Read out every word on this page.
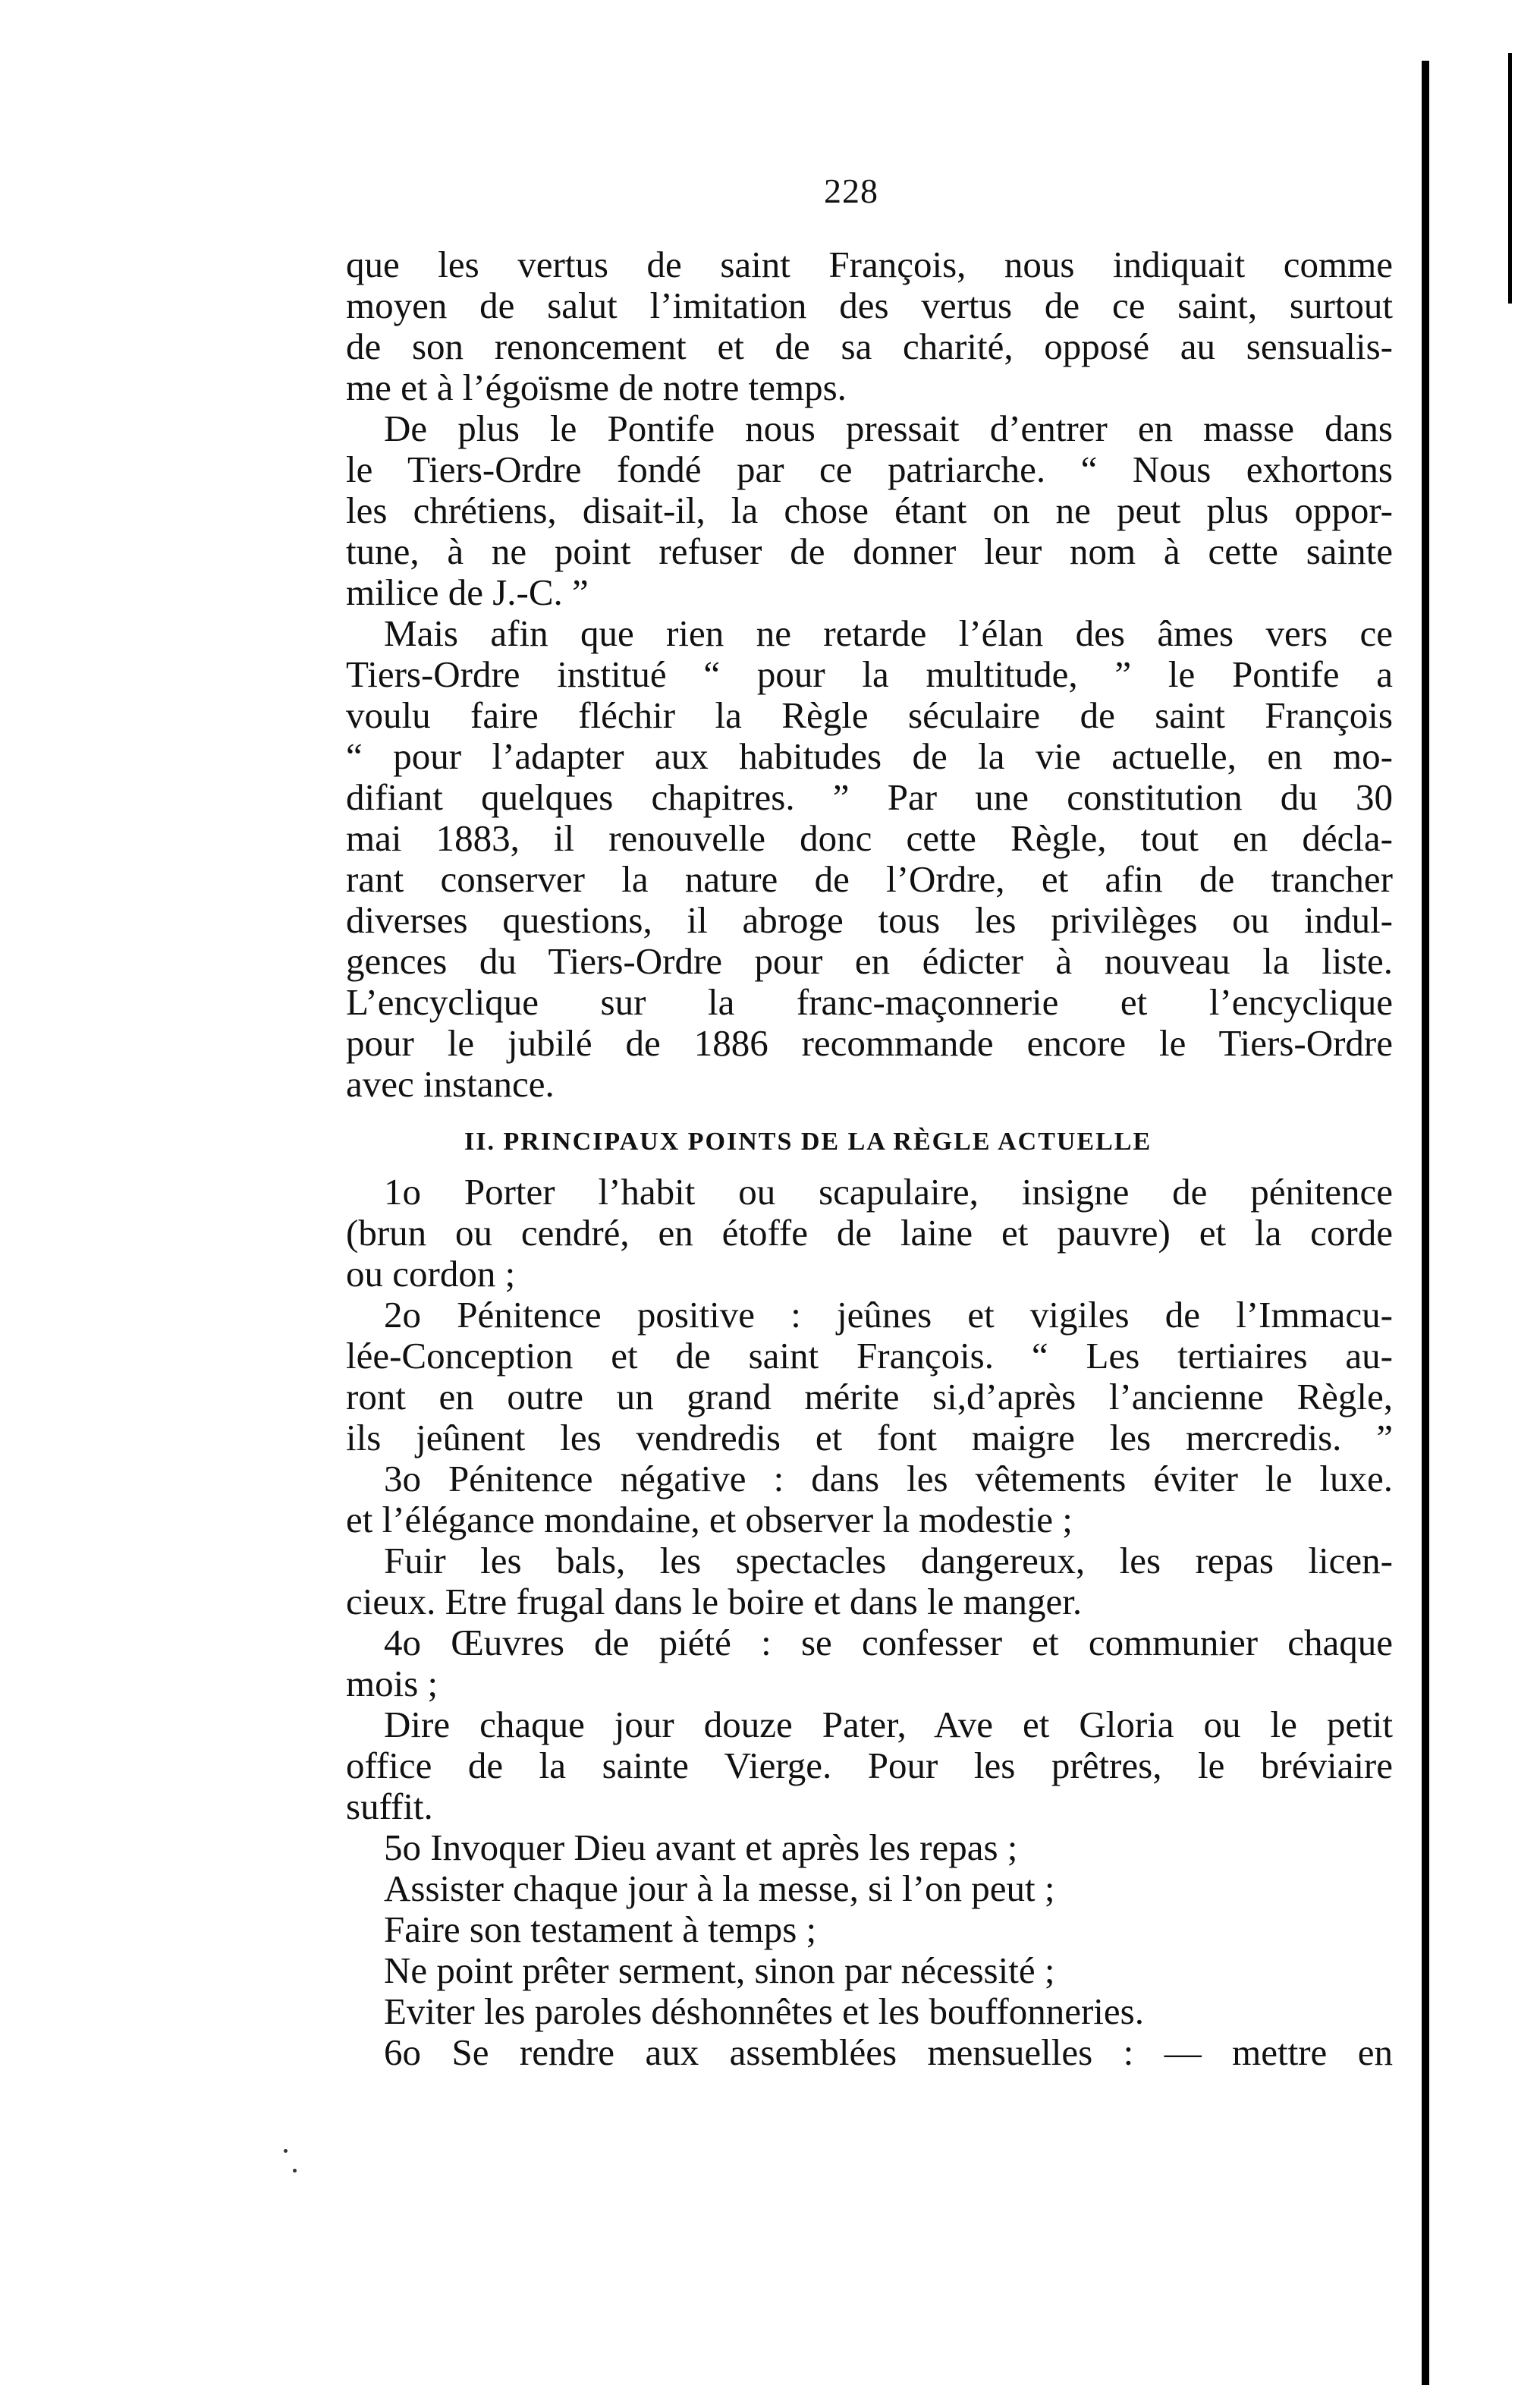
228
que les vertus de saint François, nous indiquait comme
moyen de salut l’imitation des vertus de ce saint, surtout
de son renoncement et de sa charité, opposé au sensualis-
me et à l’égoïsme de notre temps.
De plus le Pontife nous pressait d’entrer en masse dans
le Tiers-Ordre fondé par ce patriarche. “ Nous exhortons
les chrétiens, disait-il, la chose étant on ne peut plus oppor-
tune, à ne point refuser de donner leur nom à cette sainte
milice de J.-C. ”
Mais afin que rien ne retarde l’élan des âmes vers ce
Tiers-Ordre institué “ pour la multitude, ” le Pontife a
voulu faire fléchir la Règle séculaire de saint François
“ pour l’adapter aux habitudes de la vie actuelle, en mo-
difiant quelques chapitres. ” Par une constitution du 30
mai 1883, il renouvelle donc cette Règle, tout en décla-
rant conserver la nature de l’Ordre, et afin de trancher
diverses questions, il abroge tous les privilèges ou indul-
gences du Tiers-Ordre pour en édicter à nouveau la liste.
L’encyclique sur la franc-maçonnerie et l’encyclique
pour le jubilé de 1886 recommande encore le Tiers-Ordre
avec instance.
II. PRINCIPAUX POINTS DE LA RÈGLE ACTUELLE
1o Porter l’habit ou scapulaire, insigne de pénitence
(brun ou cendré, en étoffe de laine et pauvre) et la corde
ou cordon ;
2o Pénitence positive : jeûnes et vigiles de l’Immacu-
lée-Conception et de saint François. “ Les tertiaires au-
ront en outre un grand mérite si,d’après l’ancienne Règle,
ils jeûnent les vendredis et font maigre les mercredis. ”
3o Pénitence négative : dans les vêtements éviter le luxe.
et l’élégance mondaine, et observer la modestie ;
Fuir les bals, les spectacles dangereux, les repas licen-
cieux. Etre frugal dans le boire et dans le manger.
4o Œuvres de piété : se confesser et communier chaque
mois ;
Dire chaque jour douze Pater, Ave et Gloria ou le petit
office de la sainte Vierge. Pour les prêtres, le bréviaire
suffit.
5o Invoquer Dieu avant et après les repas ;
Assister chaque jour à la messe, si l’on peut ;
Faire son testament à temps ;
Ne point prêter serment, sinon par nécessité ;
Eviter les paroles déshonnêtes et les bouffonneries.
6o Se rendre aux assemblées mensuelles : — mettre en
